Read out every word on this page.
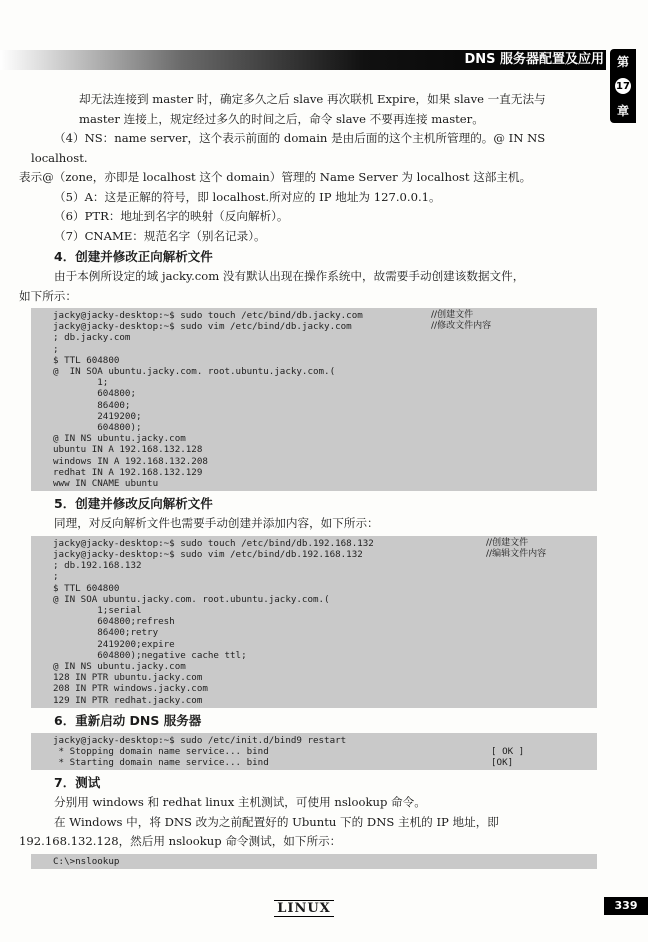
DNS 服务器配置及应用 第
17
章

却无法连接到 master 时，确定多久之后 slave 再次联机 Expire，如果 slave 一直无法与

master 连接上，规定经过多久的时间之后，命令 slave 不要再连接 master。

（4）NS：name server，这个表示前面的 domain 是由后面的这个主机所管理的。@ IN NS localhost.

表示@（zone，亦即是 localhost 这个 domain）管理的 Name Server 为 localhost 这部主机。

（5）A：这是正解的符号，即 localhost.所对应的 IP 地址为 127.0.0.1。

（6）PTR：地址到名字的映射（反向解析）。

（7）CNAME：规范名字（别名记录）。

4．创建并修改正向解析文件

由于本例所设定的域 jacky.com 没有默认出现在操作系统中，故需要手动创建该数据文件，

如下所示：

//创建文件
//修改文件内容
jacky@jacky-desktop:~$ sudo touch /etc/bind/db.jacky.com
jacky@jacky-desktop:~$ sudo vim /etc/bind/db.jacky.com
; db.jacky.com
;
$ TTL 604800
@  IN SOA ubuntu.jacky.com. root.ubuntu.jacky.com.(
1;
604800;
86400;
2419200;
604800);
@ IN NS ubuntu.jacky.com
ubuntu IN A 192.168.132.128
windows IN A 192.168.132.208
redhat IN A 192.168.132.129
www IN CNAME ubuntu

5．创建并修改反向解析文件

同理，对反向解析文件也需要手动创建并添加内容，如下所示：

//创建文件
//编辑文件内容
jacky@jacky-desktop:~$ sudo touch /etc/bind/db.192.168.132
jacky@jacky-desktop:~$ sudo vim /etc/bind/db.192.168.132
; db.192.168.132
;
$ TTL 604800
@ IN SOA ubuntu.jacky.com. root.ubuntu.jacky.com.(
1;serial
604800;refresh
86400;retry
2419200;expire
604800);negative cache ttl;
@ IN NS ubuntu.jacky.com
128 IN PTR ubuntu.jacky.com
208 IN PTR windows.jacky.com
129 IN PTR redhat.jacky.com

6．重新启动 DNS 服务器

[ OK ]
[OK]
jacky@jacky-desktop:~$ sudo /etc/init.d/bind9 restart
* Stopping domain name service... bind
* Starting domain name service... bind

7．测试

分别用 windows 和 redhat linux 主机测试，可使用 nslookup 命令。

在 Windows 中，将 DNS 改为之前配置好的 Ubuntu 下的 DNS 主机的 IP 地址，即

192.168.132.128，然后用 nslookup 命令测试，如下所示：

C:\>nslookup
LINUX	339
